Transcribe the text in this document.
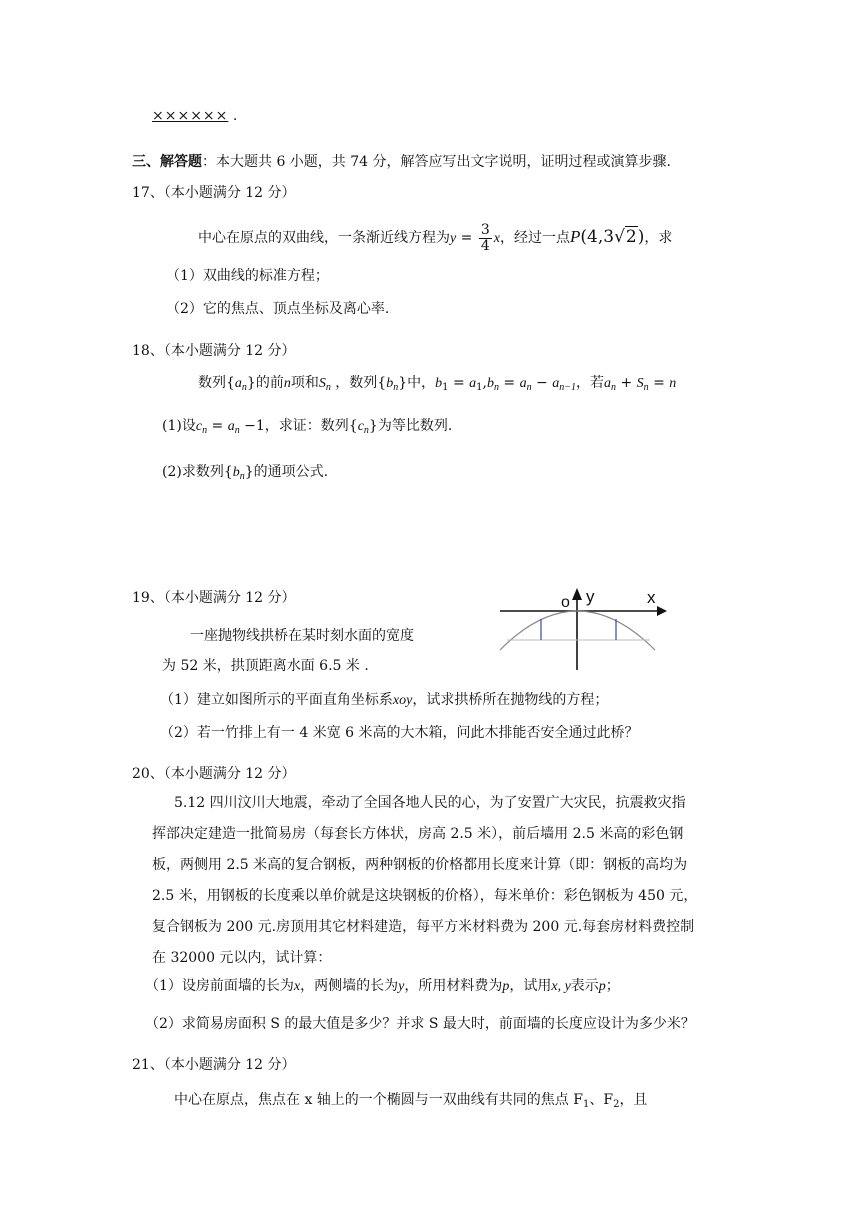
×××××× .
三、解答题：本大题共 6 小题，共 74 分，解答应写出文字说明，证明过程或演算步骤.
17、（本小题满分 12 分）
中心在原点的双曲线，一条渐近线方程为$y = \frac{3}{4}$ x，经过一点P(4,3√2)，求
（1）双曲线的标准方程；
（2）它的焦点、顶点坐标及离心率.
18、（本小题满分 12 分）
数列$\{a_n\}$的前n项和$S_n$ ，数列$\{b_n\}$中，$b_1 = a_1,b_n = a_n - a_{n-1}$，若$a_n + S_n = n$
(1)设$c_n = a_n -1$，求证：数列$\{c_n\}$为等比数列.
(2)求数列$\{b_n\}$的通项公式.
19、（本小题满分 12 分）
一座抛物线拱桥在某时刻水面的宽度
为 52 米，拱顶距离水面 6.5 米 .
o y	x
（1）建立如图所示的平面直角坐标系xoy，试求拱桥所在抛物线的方程；
（2）若一竹排上有一 4 米宽 6 米高的大木箱，问此木排能否安全通过此桥？
20、（本小题满分 12 分）
5.12 四川汶川大地震，牵动了全国各地人民的心，为了安置广大灾民，抗震救灾指
挥部决定建造一批简易房（每套长方体状，房高 2.5 米），前后墙用 2.5 米高的彩色钢
板，两侧用 2.5 米高的复合钢板，两种钢板的价格都用长度来计算（即：钢板的高均为
2.5 米，用钢板的长度乘以单价就是这块钢板的价格），每米单价：彩色钢板为 450 元，
复合钢板为 200 元.房顶用其它材料建造，每平方米材料费为 200 元.每套房材料费控制
在 32000 元以内，试计算：
（1）设房前面墙的长为x，两侧墙的长为y，所用材料费为p，试用x, y表示p；
（2）求简易房面积 S 的最大值是多少？并求 S 最大时，前面墙的长度应设计为多少米？
21、（本小题满分 12 分）
中心在原点，焦点在 x 轴上的一个椭圆与一双曲线有共同的焦点 $F_1$、$F_2$，且
